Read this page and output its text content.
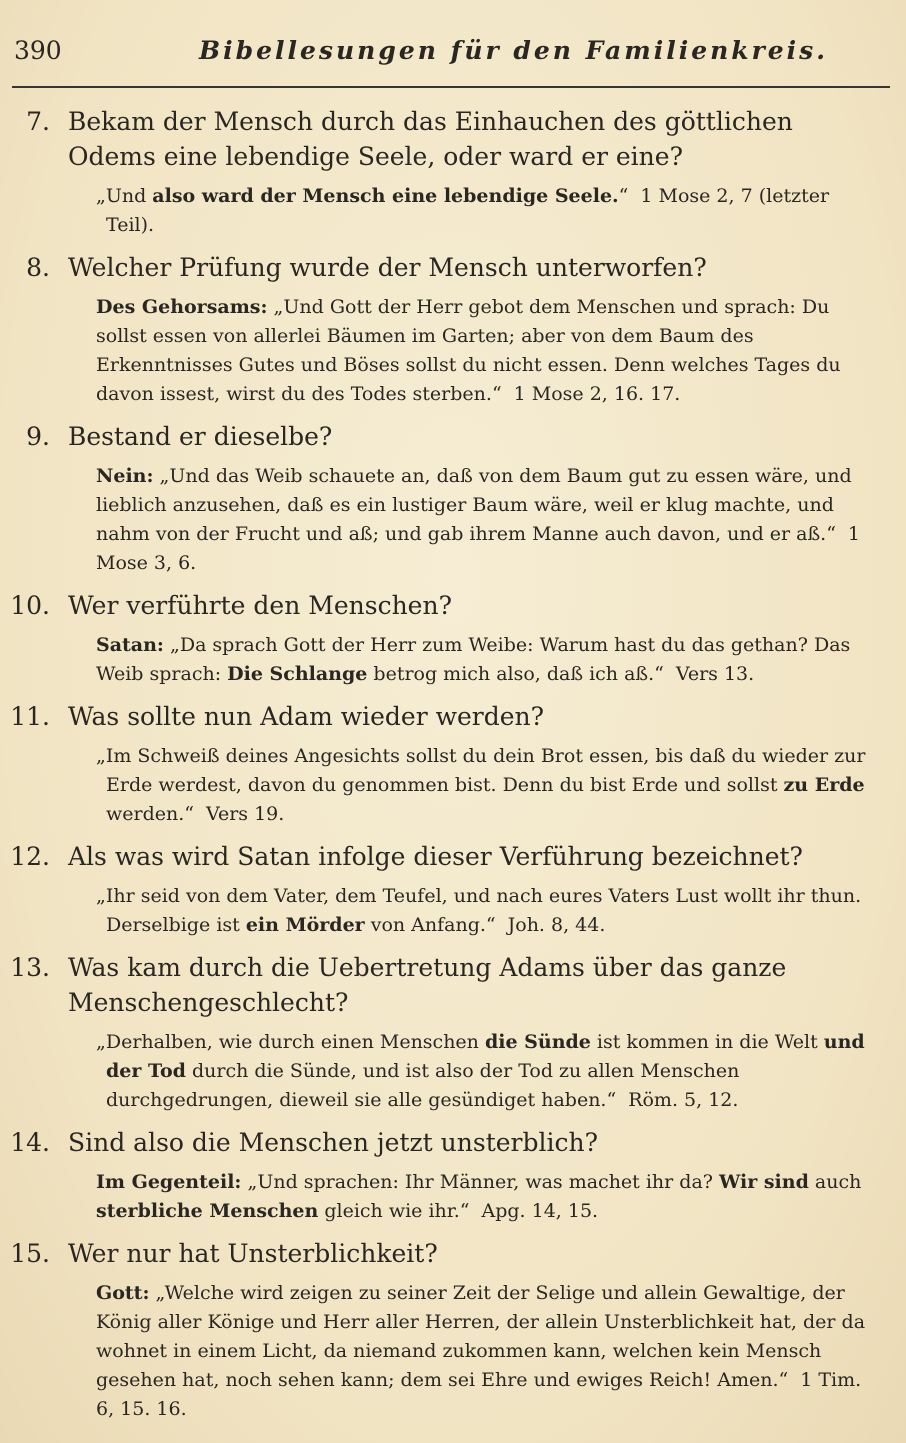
390	Bibellesungen für den Familienkreis.
7. Bekam der Mensch durch das Einhauchen des göttlichen Odems eine lebendige Seele, oder ward er eine?
„Und also ward der Mensch eine lebendige Seele.“ 1 Mose 2, 7 (letzter Teil).
8. Welcher Prüfung wurde der Mensch unterworfen?
Des Gehorsams: „Und Gott der Herr gebot dem Menschen und sprach: Du sollst essen von allerlei Bäumen im Garten; aber von dem Baum des Erkenntnisses Gutes und Böses sollst du nicht essen. Denn welches Tages du davon issest, wirst du des Todes sterben.“ 1 Mose 2, 16. 17.
9. Bestand er dieselbe?
Nein: „Und das Weib schauete an, daß von dem Baum gut zu essen wäre, und lieblich anzusehen, daß es ein lustiger Baum wäre, weil er klug machte, und nahm von der Frucht und aß; und gab ihrem Manne auch davon, und er aß.“ 1 Mose 3, 6.
10. Wer verführte den Menschen?
Satan: „Da sprach Gott der Herr zum Weibe: Warum hast du das gethan? Das Weib sprach: Die Schlange betrog mich also, daß ich aß.“ Vers 13.
11. Was sollte nun Adam wieder werden?
„Im Schweiß deines Angesichts sollst du dein Brot essen, bis daß du wieder zur Erde werdest, davon du genommen bist. Denn du bist Erde und sollst zu Erde werden.“ Vers 19.
12. Als was wird Satan infolge dieser Verführung bezeichnet?
„Ihr seid von dem Vater, dem Teufel, und nach eures Vaters Lust wollt ihr thun. Derselbige ist ein Mörder von Anfang.“ Joh. 8, 44.
13. Was kam durch die Uebertretung Adams über das ganze Menschengeschlecht?
„Derhalben, wie durch einen Menschen die Sünde ist kommen in die Welt und der Tod durch die Sünde, und ist also der Tod zu allen Menschen durchgedrungen, dieweil sie alle gesündiget haben.“ Röm. 5, 12.
14. Sind also die Menschen jetzt unsterblich?
Im Gegenteil: „Und sprachen: Ihr Männer, was machet ihr da? Wir sind auch sterbliche Menschen gleich wie ihr.“ Apg. 14, 15.
15. Wer nur hat Unsterblichkeit?
Gott: „Welche wird zeigen zu seiner Zeit der Selige und allein Gewaltige, der König aller Könige und Herr aller Herren, der allein Unsterblichkeit hat, der da wohnet in einem Licht, da niemand zukommen kann, welchen kein Mensch gesehen hat, noch sehen kann; dem sei Ehre und ewiges Reich! Amen.“ 1 Tim. 6, 15. 16.
